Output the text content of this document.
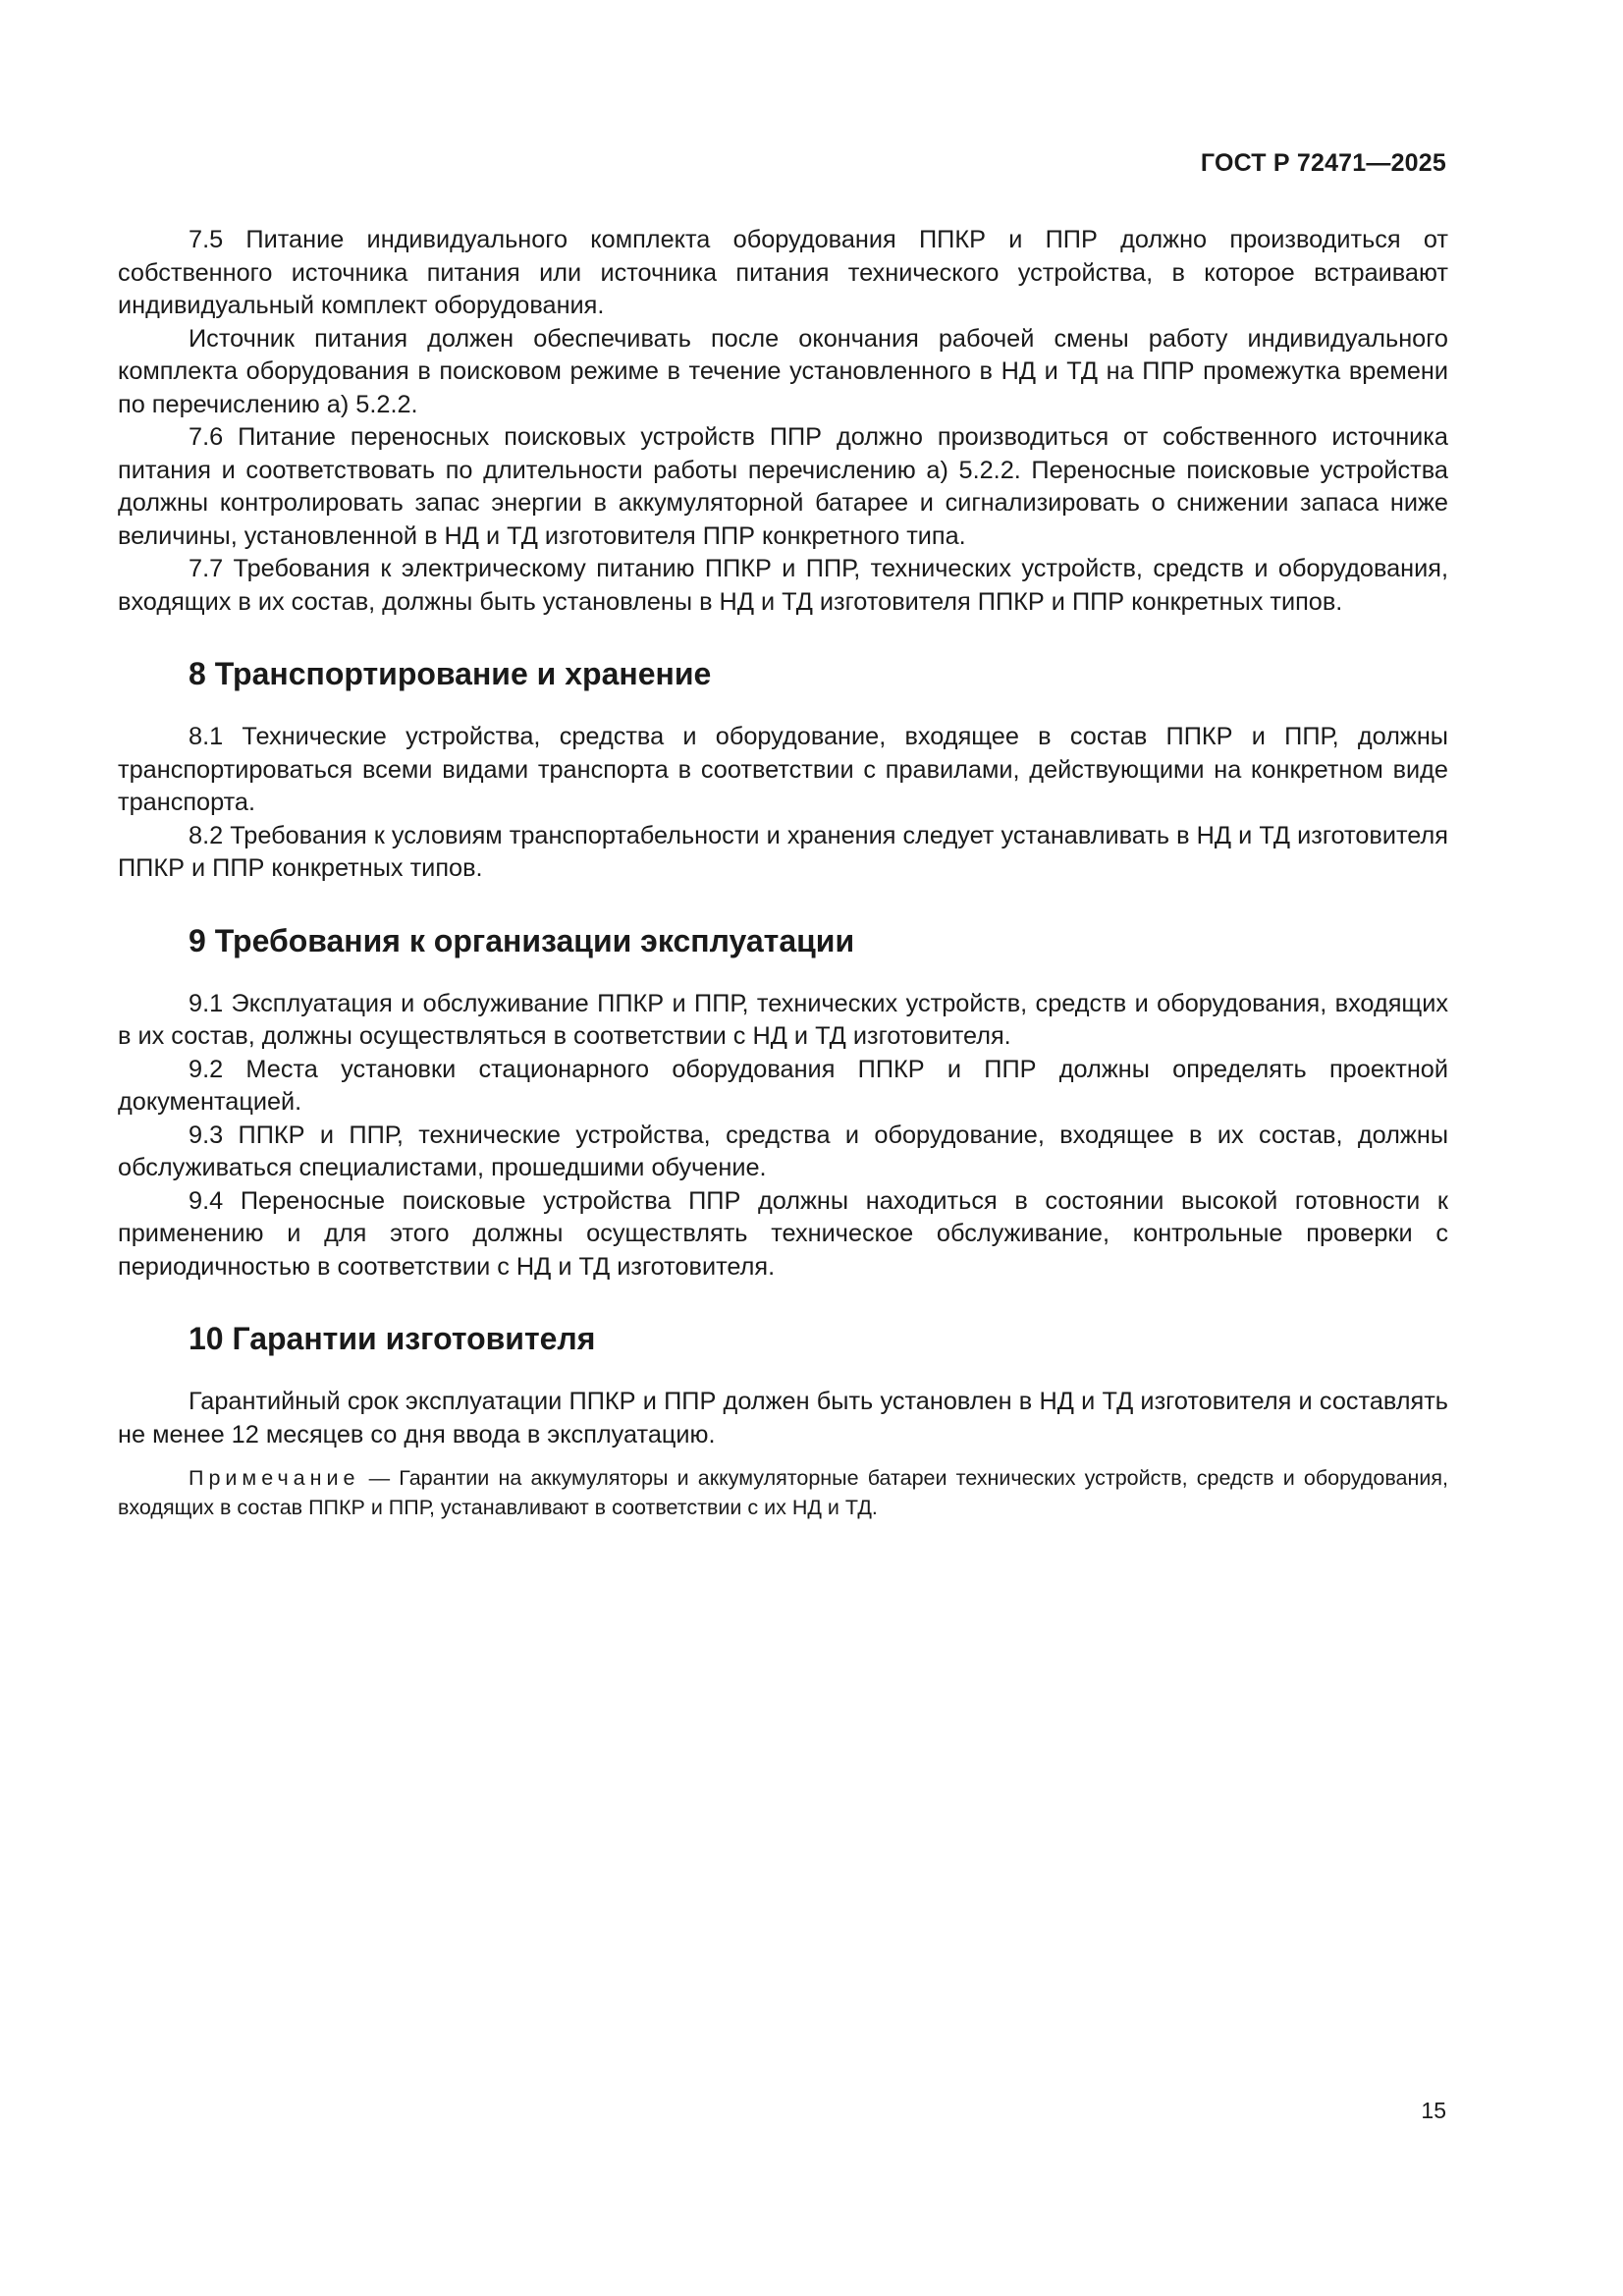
ГОСТ Р 72471—2025

7.5 Питание индивидуального комплекта оборудования ППКР и ППР должно производиться от собственного источника питания или источника питания технического устройства, в которое встраивают индивидуальный комплект оборудования.

Источник питания должен обеспечивать после окончания рабочей смены работу индивидуального комплекта оборудования в поисковом режиме в течение установленного в НД и ТД на ППР промежутка времени по перечислению а) 5.2.2.

7.6 Питание переносных поисковых устройств ППР должно производиться от собственного источника питания и соответствовать по длительности работы перечислению а) 5.2.2. Переносные поисковые устройства должны контролировать запас энергии в аккумуляторной батарее и сигнализировать о снижении запаса ниже величины, установленной в НД и ТД изготовителя ППР конкретного типа.

7.7 Требования к электрическому питанию ППКР и ППР, технических устройств, средств и оборудования, входящих в их состав, должны быть установлены в НД и ТД изготовителя ППКР и ППР конкретных типов.

8 Транспортирование и хранение

8.1 Технические устройства, средства и оборудование, входящее в состав ППКР и ППР, должны транспортироваться всеми видами транспорта в соответствии с правилами, действующими на конкретном виде транспорта.

8.2 Требования к условиям транспортабельности и хранения следует устанавливать в НД и ТД изготовителя ППКР и ППР конкретных типов.

9 Требования к организации эксплуатации

9.1 Эксплуатация и обслуживание ППКР и ППР, технических устройств, средств и оборудования, входящих в их состав, должны осуществляться в соответствии с НД и ТД изготовителя.

9.2 Места установки стационарного оборудования ППКР и ППР должны определять проектной документацией.

9.3 ППКР и ППР, технические устройства, средства и оборудование, входящее в их состав, должны обслуживаться специалистами, прошедшими обучение.

9.4 Переносные поисковые устройства ППР должны находиться в состоянии высокой готовности к применению и для этого должны осуществлять техническое обслуживание, контрольные проверки с периодичностью в соответствии с НД и ТД изготовителя.

10 Гарантии изготовителя

Гарантийный срок эксплуатации ППКР и ППР должен быть установлен в НД и ТД изготовителя и составлять не менее 12 месяцев со дня ввода в эксплуатацию.

Примечание — Гарантии на аккумуляторы и аккумуляторные батареи технических устройств, средств и оборудования, входящих в состав ППКР и ППР, устанавливают в соответствии с их НД и ТД.

15
